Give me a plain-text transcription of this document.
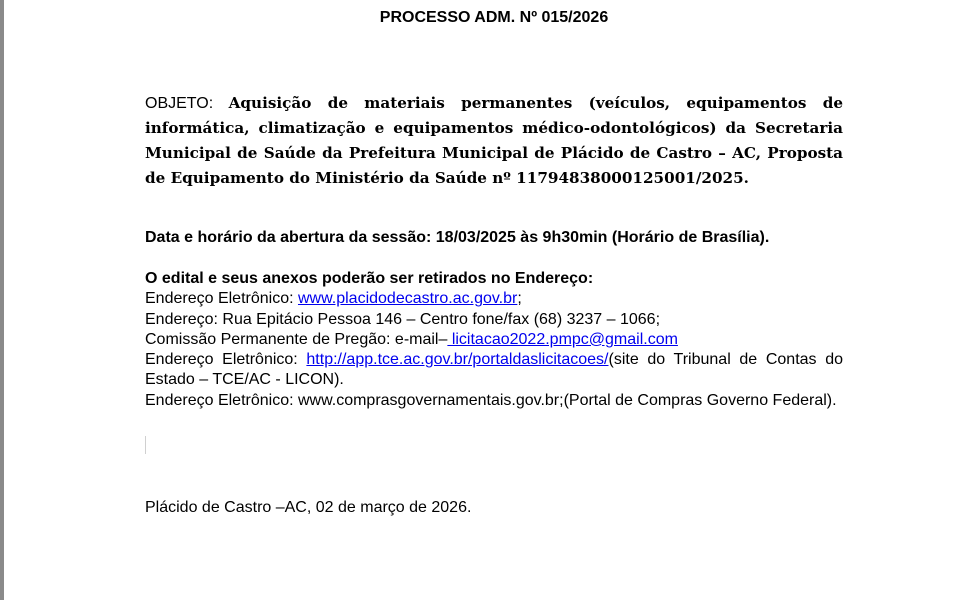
PROCESSO ADM. Nº 015/2026
OBJETO: Aquisição de materiais permanentes (veículos, equipamentos de informática, climatização e equipamentos médico-odontológicos) da Secretaria Municipal de Saúde da Prefeitura Municipal de Plácido de Castro – AC, Proposta de Equipamento do Ministério da Saúde nº 11794838000125001/2025.
Data e horário da abertura da sessão: 18/03/2025 às 9h30min (Horário de Brasília).
O edital e seus anexos poderão ser retirados no Endereço:
Endereço Eletrônico: www.placidodecastro.ac.gov.br;
Endereço: Rua Epitácio Pessoa 146 – Centro fone/fax (68) 3237 – 1066;
Comissão Permanente de Pregão: e-mail– licitacao2022.pmpc@gmail.com
Endereço Eletrônico: http://app.tce.ac.gov.br/portaldaslicitacoes/(site do Tribunal de Contas do Estado – TCE/AC - LICON).
Endereço Eletrônico: www.comprasgovernamentais.gov.br;(Portal de Compras Governo Federal).
Plácido de Castro –AC, 02 de março de 2026.
